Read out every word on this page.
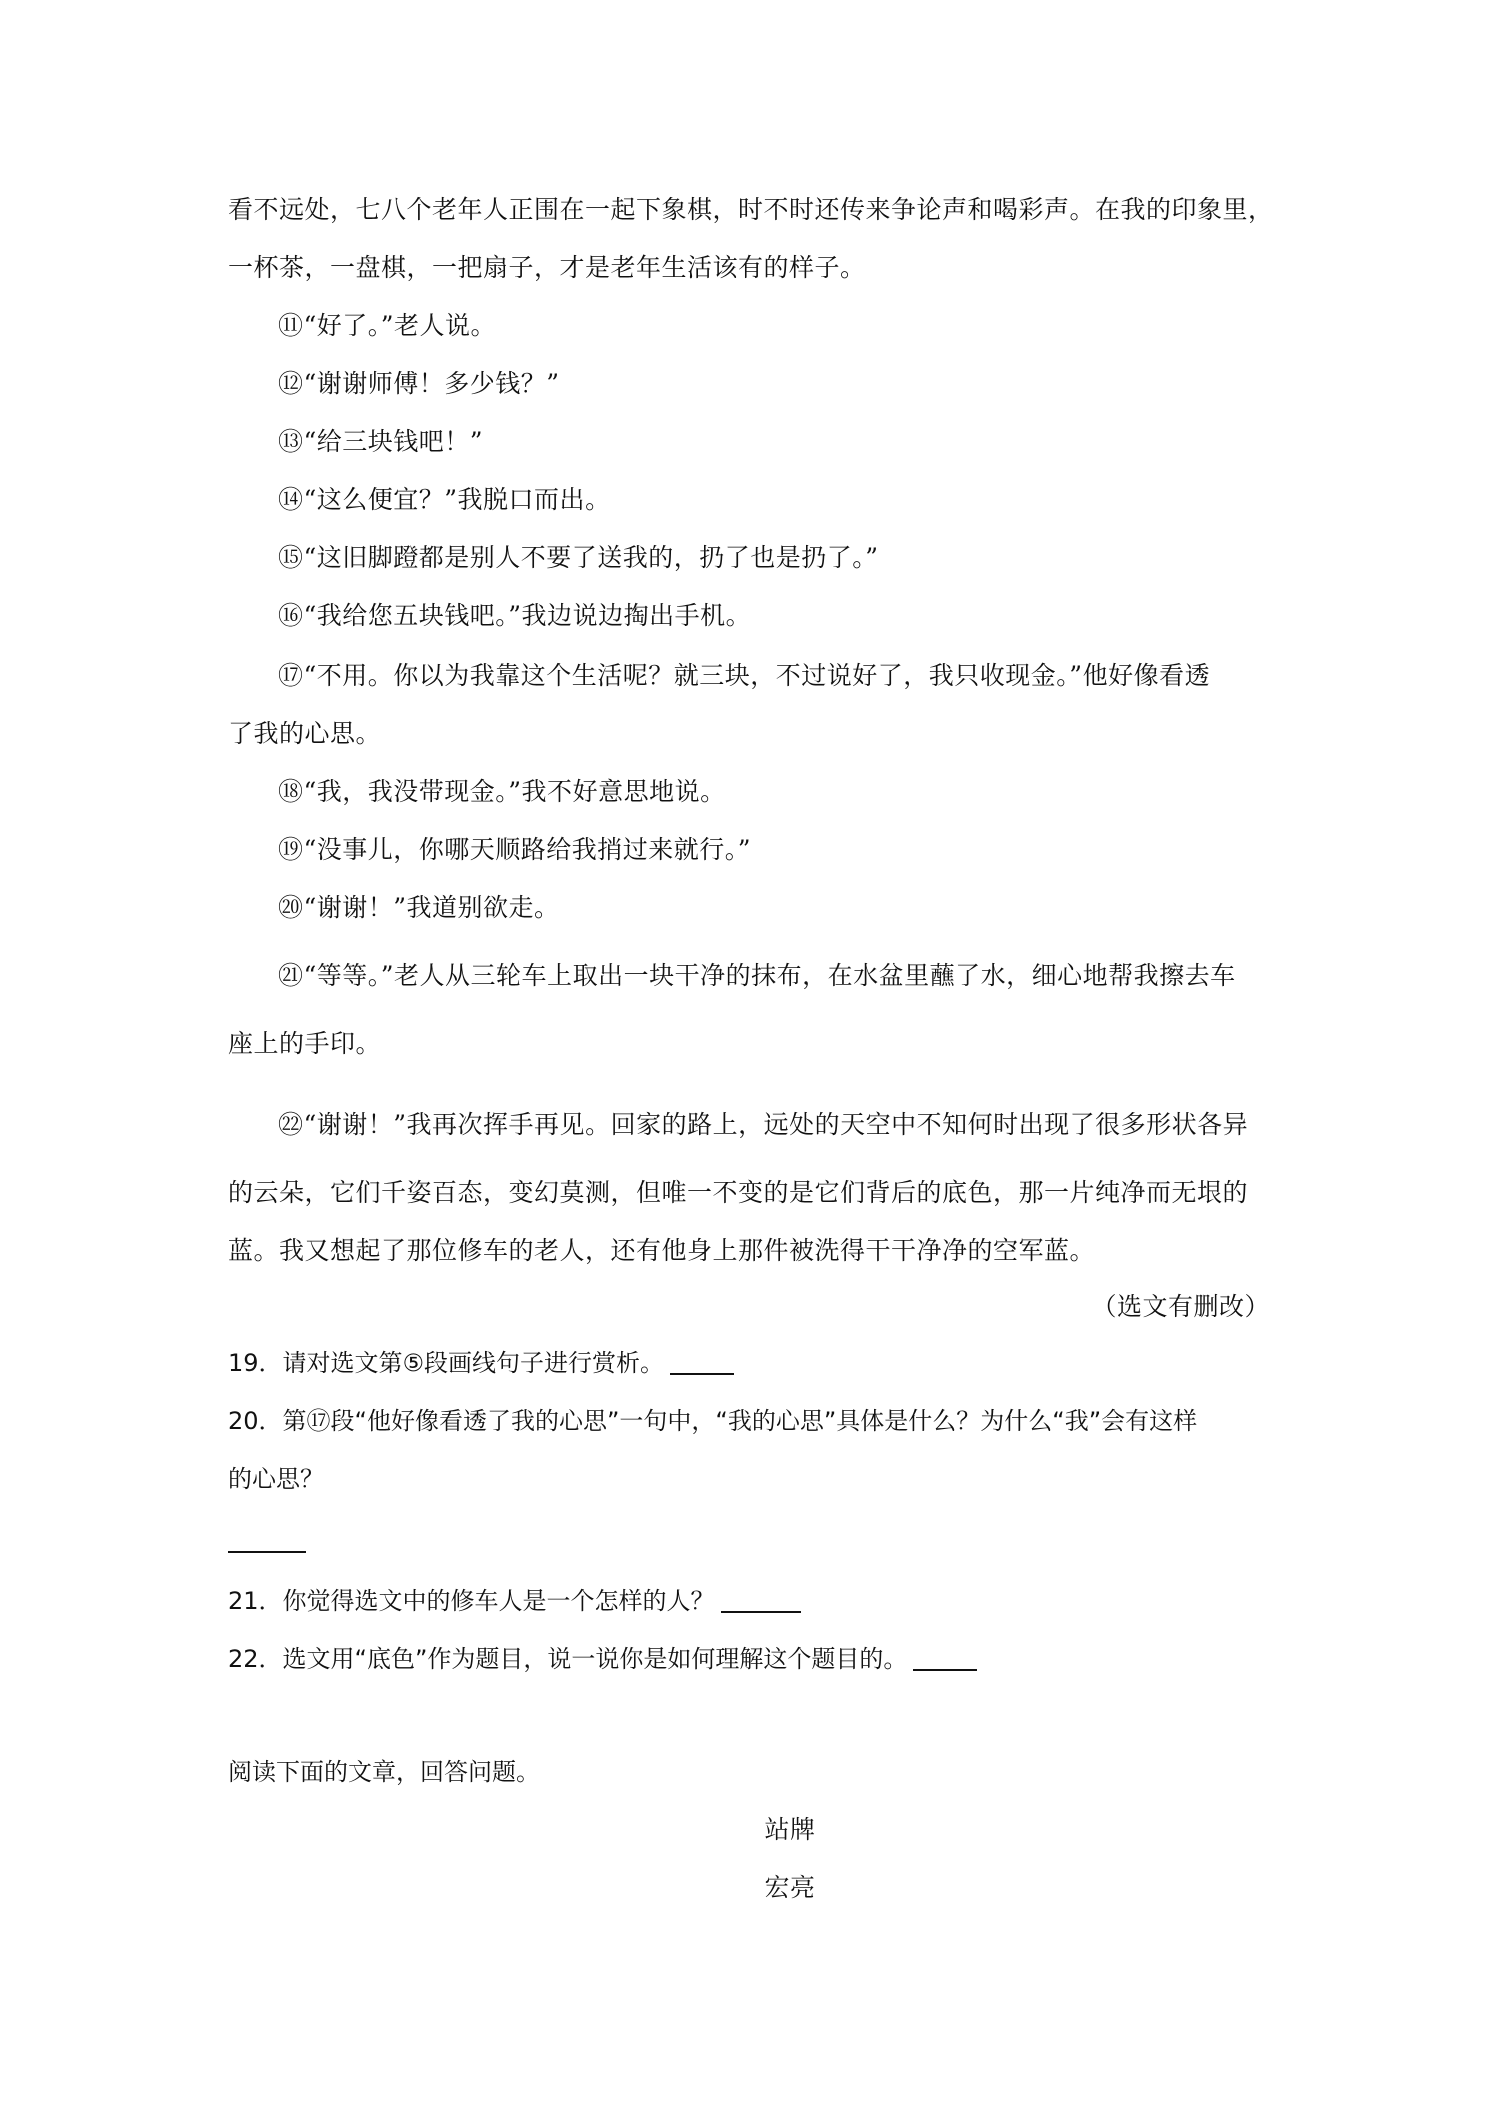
看不远处，七八个老年人正围在一起下象棋，时不时还传来争论声和喝彩声。在我的印象里，

一杯茶，一盘棋，一把扇子，才是老年生活该有的样子。

⑪“好了。”老人说。

⑫“谢谢师傅！多少钱？”

⑬“给三块钱吧！”

⑭“这么便宜？”我脱口而出。

⑮“这旧脚蹬都是别人不要了送我的，扔了也是扔了。”

⑯“我给您五块钱吧。”我边说边掏出手机。

⑰“不用。你以为我靠这个生活呢？就三块，不过说好了，我只收现金。”他好像看透

了我的心思。

⑱“我，我没带现金。”我不好意思地说。

⑲“没事儿，你哪天顺路给我捎过来就行。”

⑳“谢谢！”我道别欲走。

㉑“等等。”老人从三轮车上取出一块干净的抹布，在水盆里蘸了水，细心地帮我擦去车

座上的手印。

㉒“谢谢！”我再次挥手再见。回家的路上，远处的天空中不知何时出现了很多形状各异

的云朵，它们千姿百态，变幻莫测，但唯一不变的是它们背后的底色，那一片纯净而无垠的

蓝。我又想起了那位修车的老人，还有他身上那件被洗得干干净净的空军蓝。

（选文有删改）

19．请对选文第⑤段画线句子进行赏析。

20．第⑰段“他好像看透了我的心思”一句中，“我的心思”具体是什么？为什么“我”会有这样

的心思？

21．你觉得选文中的修车人是一个怎样的人？

22．选文用“底色”作为题目，说一说你是如何理解这个题目的。

阅读下面的文章，回答问题。

站牌

宏亮
